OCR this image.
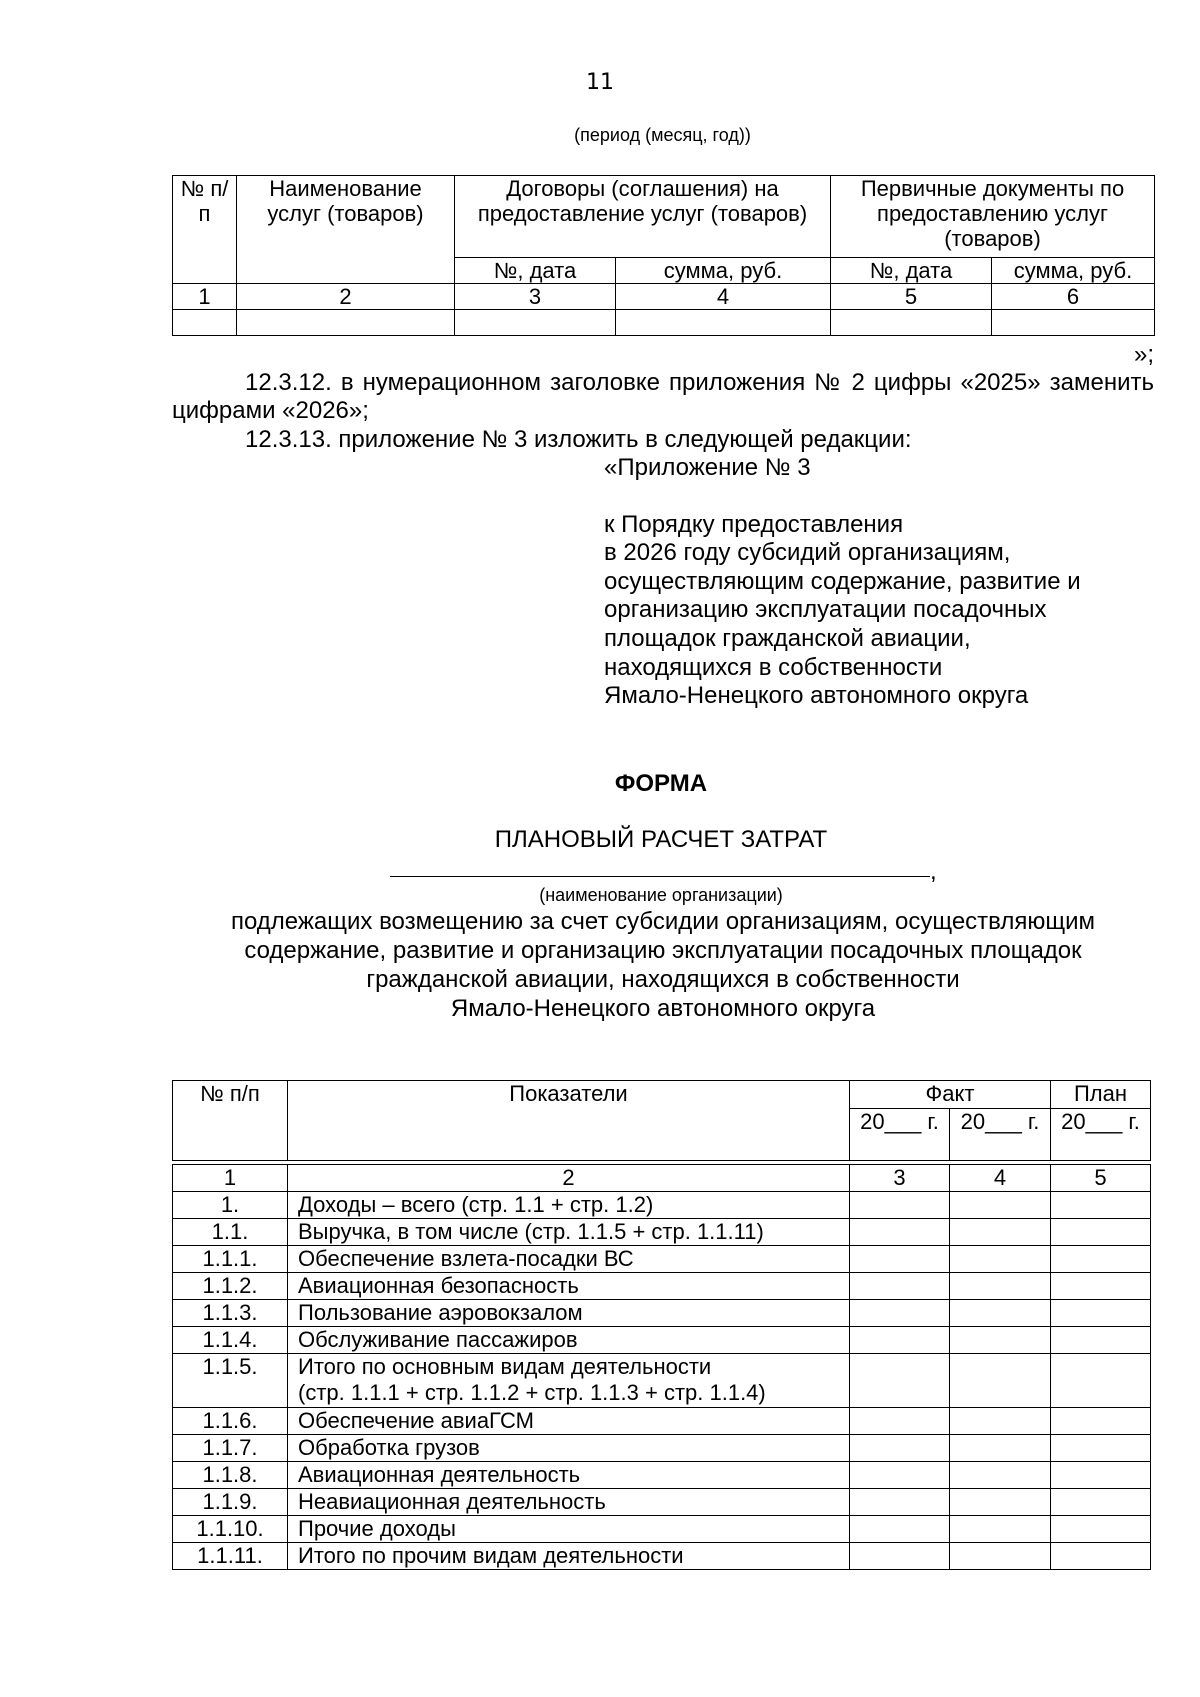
11
(период (месяц, год))
№ п/п	Наименование услуг (товаров)	Договоры (соглашения) на предоставление услуг (товаров)		Первичные документы по предоставлению услуг (товаров)	
		№, дата	сумма, руб.	№, дата	сумма, руб.
1	2	3	4	5	6

»;
12.3.12. в нумерационном заголовке приложения № 2 цифры «2025» заменить цифрами «2026»;
12.3.13. приложение № 3 изложить в следующей редакции:
«Приложение № 3
к Порядку предоставления
в 2026 году субсидий организациям,
осуществляющим содержание, развитие и
организацию эксплуатации посадочных
площадок гражданской авиации,
находящихся в собственности
Ямало-Ненецкого автономного округа
ФОРМА
ПЛАНОВЫЙ РАСЧЕТ ЗАТРАТ
,
(наименование организации)
подлежащих возмещению за счет субсидии организациям, осуществляющим
содержание, развитие и организацию эксплуатации посадочных площадок
гражданской авиации, находящихся в собственности
Ямало-Ненецкого автономного округа
№ п/п	Показатели	Факт		План
		20___ г.	20___ г.	20___ г.

1	2	3	4	5
1.	Доходы – всего (стр. 1.1 + стр. 1.2)			

1.1.	Выручка, в том числе (стр. 1.1.5 + стр. 1.1.11)			

1.1.1.	Обеспечение взлета-посадки ВС			

1.1.2.	Авиационная безопасность			

1.1.3.	Пользование аэровокзалом			

1.1.4.	Обслуживание пассажиров			

1.1.5.	Итого по основным видам деятельности
(стр. 1.1.1 + стр. 1.1.2 + стр. 1.1.3 + стр. 1.1.4)			

1.1.6.	Обеспечение авиаГСМ			

1.1.7.	Обработка грузов			

1.1.8.	Авиационная деятельность			

1.1.9.	Неавиационная деятельность			

1.1.10.	Прочие доходы			

1.1.11.	Итого по прочим видам деятельности			
